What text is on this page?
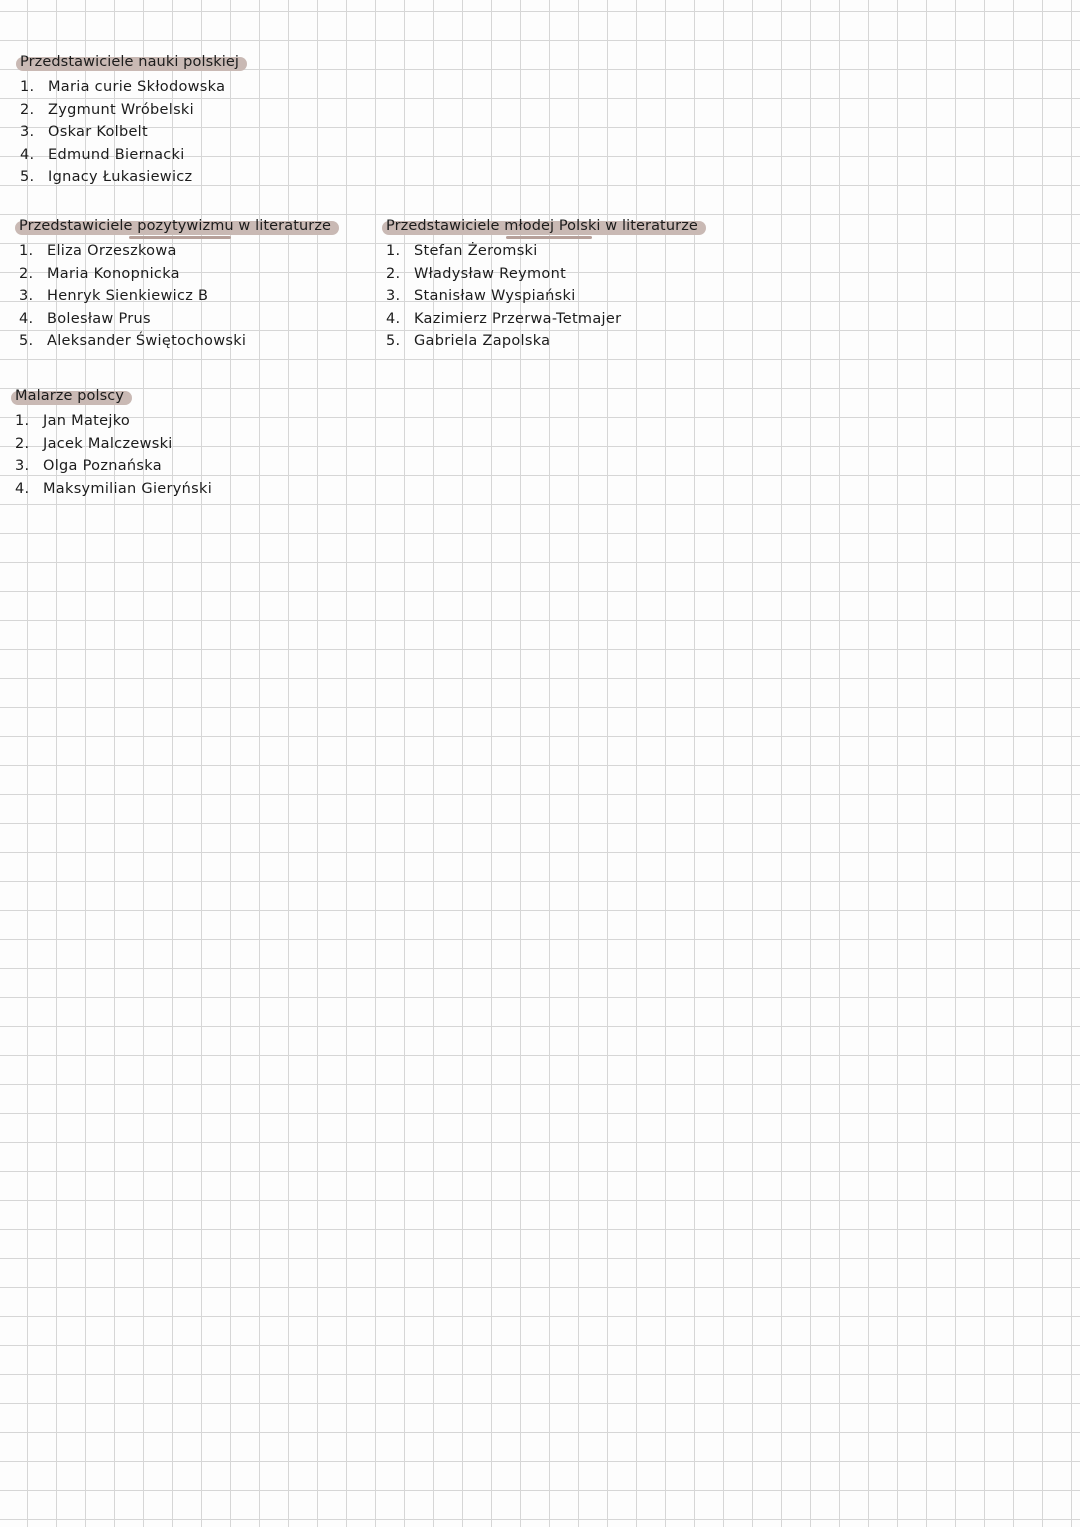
Przedstawiciele nauki polskiej
1. Maria curie Skłodowska
2. Zygmunt Wróbelski
3. Oskar Kolbelt
4. Edmund Biernacki
5. Ignacy Łukasiewicz
Przedstawiciele pozytywizmu w literaturze
1. Eliza Orzeszkowa
2. Maria Konopnicka
3. Henryk Sienkiewicz B
4. Bolesław Prus
5. Aleksander Świętochowski
Przedstawiciele młodej Polski w literaturze
1. Stefan Żeromski
2. Władysław Reymont
3. Stanisław Wyspiański
4. Kazimierz Przerwa-Tetmajer
5. Gabriela Zapolska
Malarze polscy
1. Jan Matejko
2. Jacek Malczewski
3. Olga Poznańska
4. Maksymilian Gieryński
